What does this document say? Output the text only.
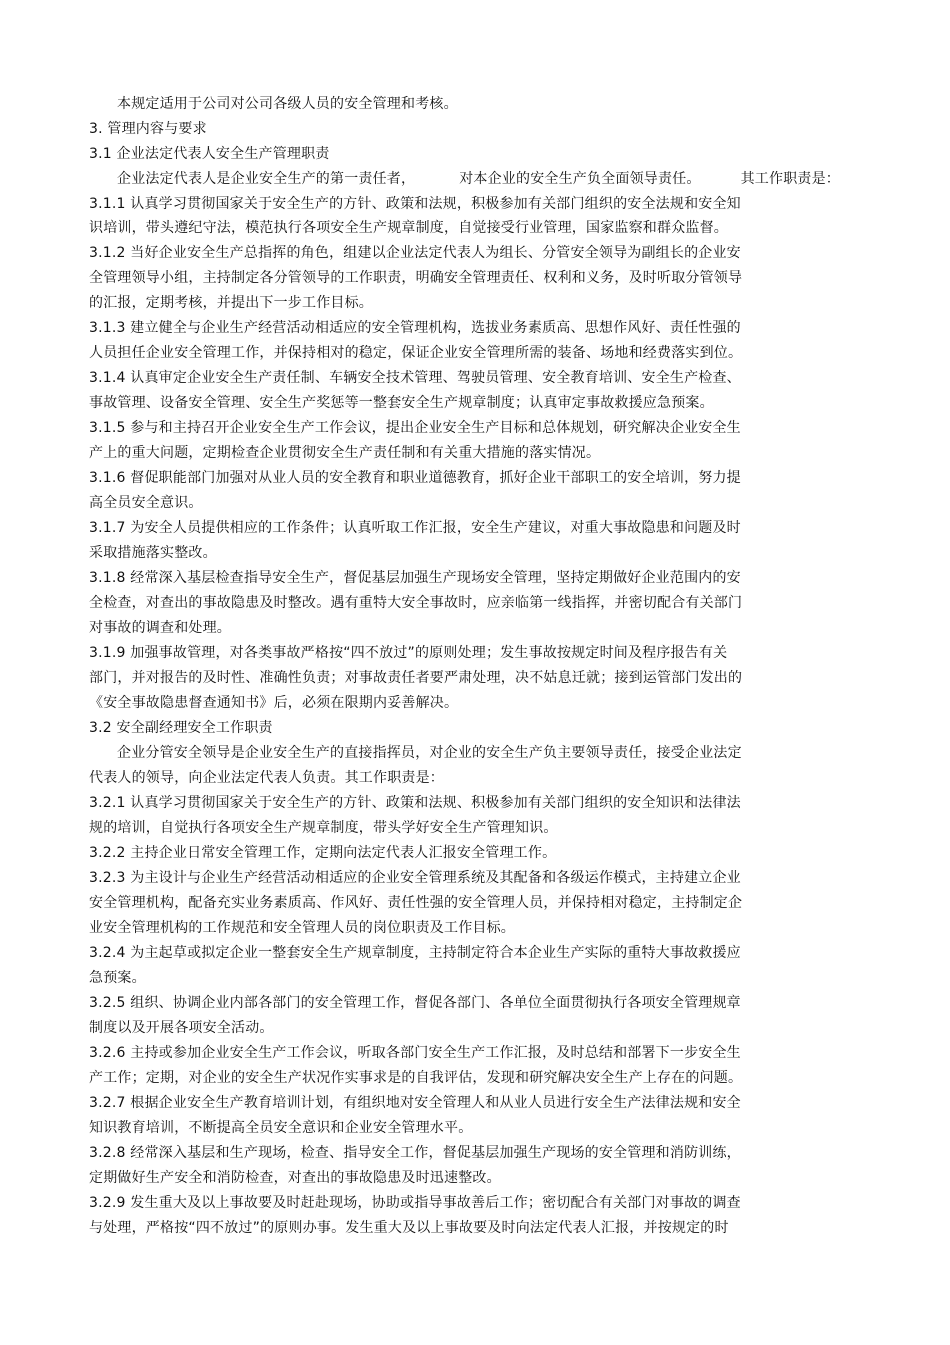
本规定适用于公司对公司各级人员的安全管理和考核。
3. 管理内容与要求
3.1 企业法定代表人安全生产管理职责
企业法定代表人是企业安全生产的第一责任者，	对本企业的安全生产负全面领导责任。	其工作职责是：
3.1.1 认真学习贯彻国家关于安全生产的方针、政策和法规，积极参加有关部门组织的安全法规和安全知
识培训，带头遵纪守法，模范执行各项安全生产规章制度，自觉接受行业管理，国家监察和群众监督。
3.1.2 当好企业安全生产总指挥的角色，组建以企业法定代表人为组长、分管安全领导为副组长的企业安
全管理领导小组，主持制定各分管领导的工作职责，明确安全管理责任、权利和义务，及时听取分管领导
的汇报，定期考核，并提出下一步工作目标。
3.1.3 建立健全与企业生产经营活动相适应的安全管理机构，选拔业务素质高、思想作风好、责任性强的
人员担任企业安全管理工作，并保持相对的稳定，保证企业安全管理所需的装备、场地和经费落实到位。
3.1.4 认真审定企业安全生产责任制、车辆安全技术管理、驾驶员管理、安全教育培训、安全生产检查、
事故管理、设备安全管理、安全生产奖惩等一整套安全生产规章制度；认真审定事故救援应急预案。
3.1.5 参与和主持召开企业安全生产工作会议，提出企业安全生产目标和总体规划，研究解决企业安全生
产上的重大问题，定期检查企业贯彻安全生产责任制和有关重大措施的落实情况。
3.1.6 督促职能部门加强对从业人员的安全教育和职业道德教育，抓好企业干部职工的安全培训，努力提
高全员安全意识。
3.1.7 为安全人员提供相应的工作条件；认真听取工作汇报，安全生产建议，对重大事故隐患和问题及时
采取措施落实整改。
3.1.8 经常深入基层检查指导安全生产，督促基层加强生产现场安全管理，坚持定期做好企业范围内的安
全检查，对查出的事故隐患及时整改。遇有重特大安全事故时，应亲临第一线指挥，并密切配合有关部门
对事故的调查和处理。
3.1.9 加强事故管理，对各类事故严格按“四不放过”的原则处理；发生事故按规定时间及程序报告有关
部门，并对报告的及时性、准确性负责；对事故责任者要严肃处理，决不姑息迁就；接到运管部门发出的
《安全事故隐患督查通知书》后，必须在限期内妥善解决。
3.2 安全副经理安全工作职责
企业分管安全领导是企业安全生产的直接指挥员，对企业的安全生产负主要领导责任，接受企业法定
代表人的领导，向企业法定代表人负责。其工作职责是：
3.2.1 认真学习贯彻国家关于安全生产的方针、政策和法规、积极参加有关部门组织的安全知识和法律法
规的培训，自觉执行各项安全生产规章制度，带头学好安全生产管理知识。
3.2.2 主持企业日常安全管理工作，定期向法定代表人汇报安全管理工作。
3.2.3 为主设计与企业生产经营活动相适应的企业安全管理系统及其配备和各级运作模式，主持建立企业
安全管理机构，配备充实业务素质高、作风好、责任性强的安全管理人员，并保持相对稳定，主持制定企
业安全管理机构的工作规范和安全管理人员的岗位职责及工作目标。
3.2.4 为主起草或拟定企业一整套安全生产规章制度，主持制定符合本企业生产实际的重特大事故救援应
急预案。
3.2.5 组织、协调企业内部各部门的安全管理工作，督促各部门、各单位全面贯彻执行各项安全管理规章
制度以及开展各项安全活动。
3.2.6 主持或参加企业安全生产工作会议，听取各部门安全生产工作汇报，及时总结和部署下一步安全生
产工作；定期，对企业的安全生产状况作实事求是的自我评估，发现和研究解决安全生产上存在的问题。
3.2.7 根据企业安全生产教育培训计划，有组织地对安全管理人和从业人员进行安全生产法律法规和安全
知识教育培训，不断提高全员安全意识和企业安全管理水平。
3.2.8 经常深入基层和生产现场，检查、指导安全工作，督促基层加强生产现场的安全管理和消防训练，
定期做好生产安全和消防检查，对查出的事故隐患及时迅速整改。
3.2.9 发生重大及以上事故要及时赶赴现场，协助或指导事故善后工作；密切配合有关部门对事故的调查
与处理，严格按“四不放过”的原则办事。发生重大及以上事故要及时向法定代表人汇报，并按规定的时
